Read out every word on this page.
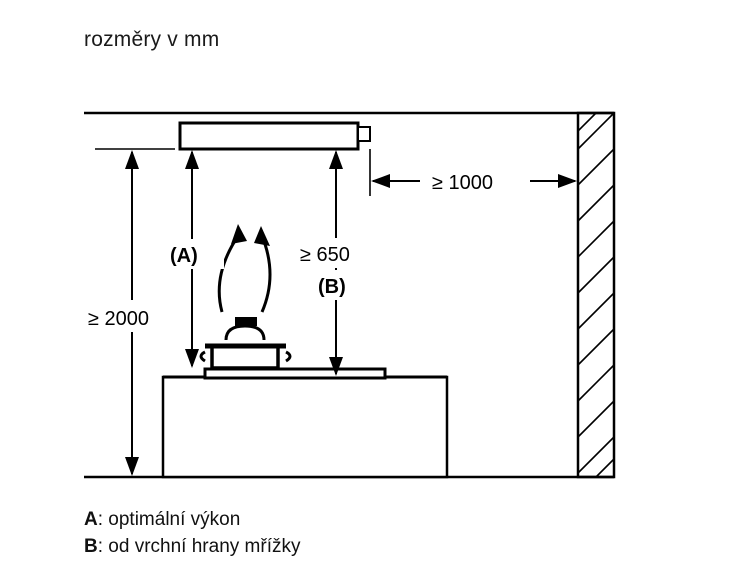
rozměry v mm
≥ 1000
≥ 2000
(A)	≥ 650
(B)
A: optimální výkon
B: od vrchní hrany mřížky
